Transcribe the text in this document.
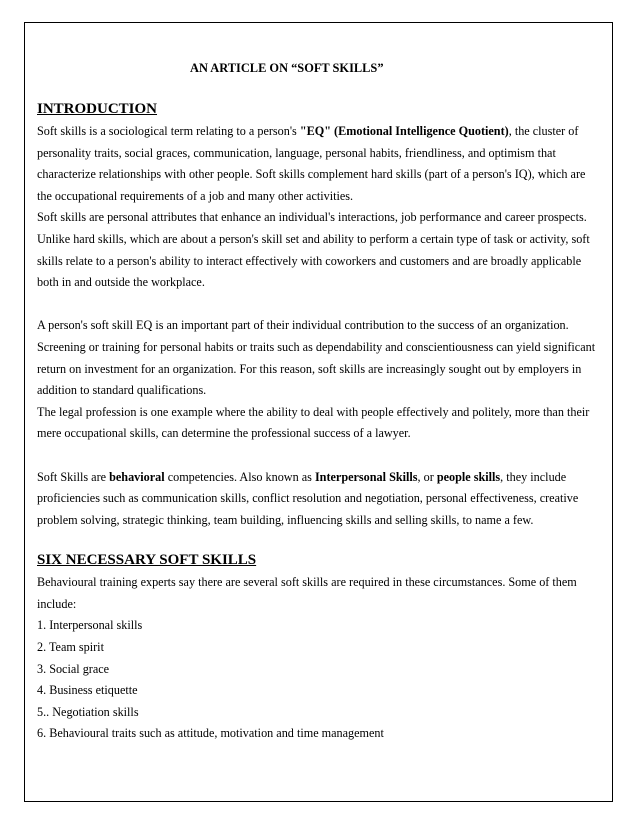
AN ARTICLE ON “SOFT SKILLS”

INTRODUCTION

Soft skills is a sociological term relating to a person's "EQ" (Emotional Intelligence Quotient), the cluster of personality traits, social graces, communication, language, personal habits, friendliness, and optimism that characterize relationships with other people. Soft skills complement hard skills (part of a person's IQ), which are the occupational requirements of a job and many other activities.

Soft skills are personal attributes that enhance an individual's interactions, job performance and career prospects. Unlike hard skills, which are about a person's skill set and ability to perform a certain type of task or activity, soft skills relate to a person's ability to interact effectively with coworkers and customers and are broadly applicable both in and outside the workplace.

A person's soft skill EQ is an important part of their individual contribution to the success of an organization. Screening or training for personal habits or traits such as dependability and conscientiousness can yield significant return on investment for an organization. For this reason, soft skills are increasingly sought out by employers in addition to standard qualifications.

The legal profession is one example where the ability to deal with people effectively and politely, more than their mere occupational skills, can determine the professional success of a lawyer.

Soft Skills are behavioral competencies. Also known as Interpersonal Skills, or people skills, they include proficiencies such as communication skills, conflict resolution and negotiation, personal effectiveness, creative problem solving, strategic thinking, team building, influencing skills and selling skills, to name a few.

SIX NECESSARY SOFT SKILLS

Behavioural training experts say there are several soft skills are required in these circumstances. Some of them include:

1. Interpersonal skills
2. Team spirit
3. Social grace
4. Business etiquette
5.. Negotiation skills
6. Behavioural traits such as attitude, motivation and time management
